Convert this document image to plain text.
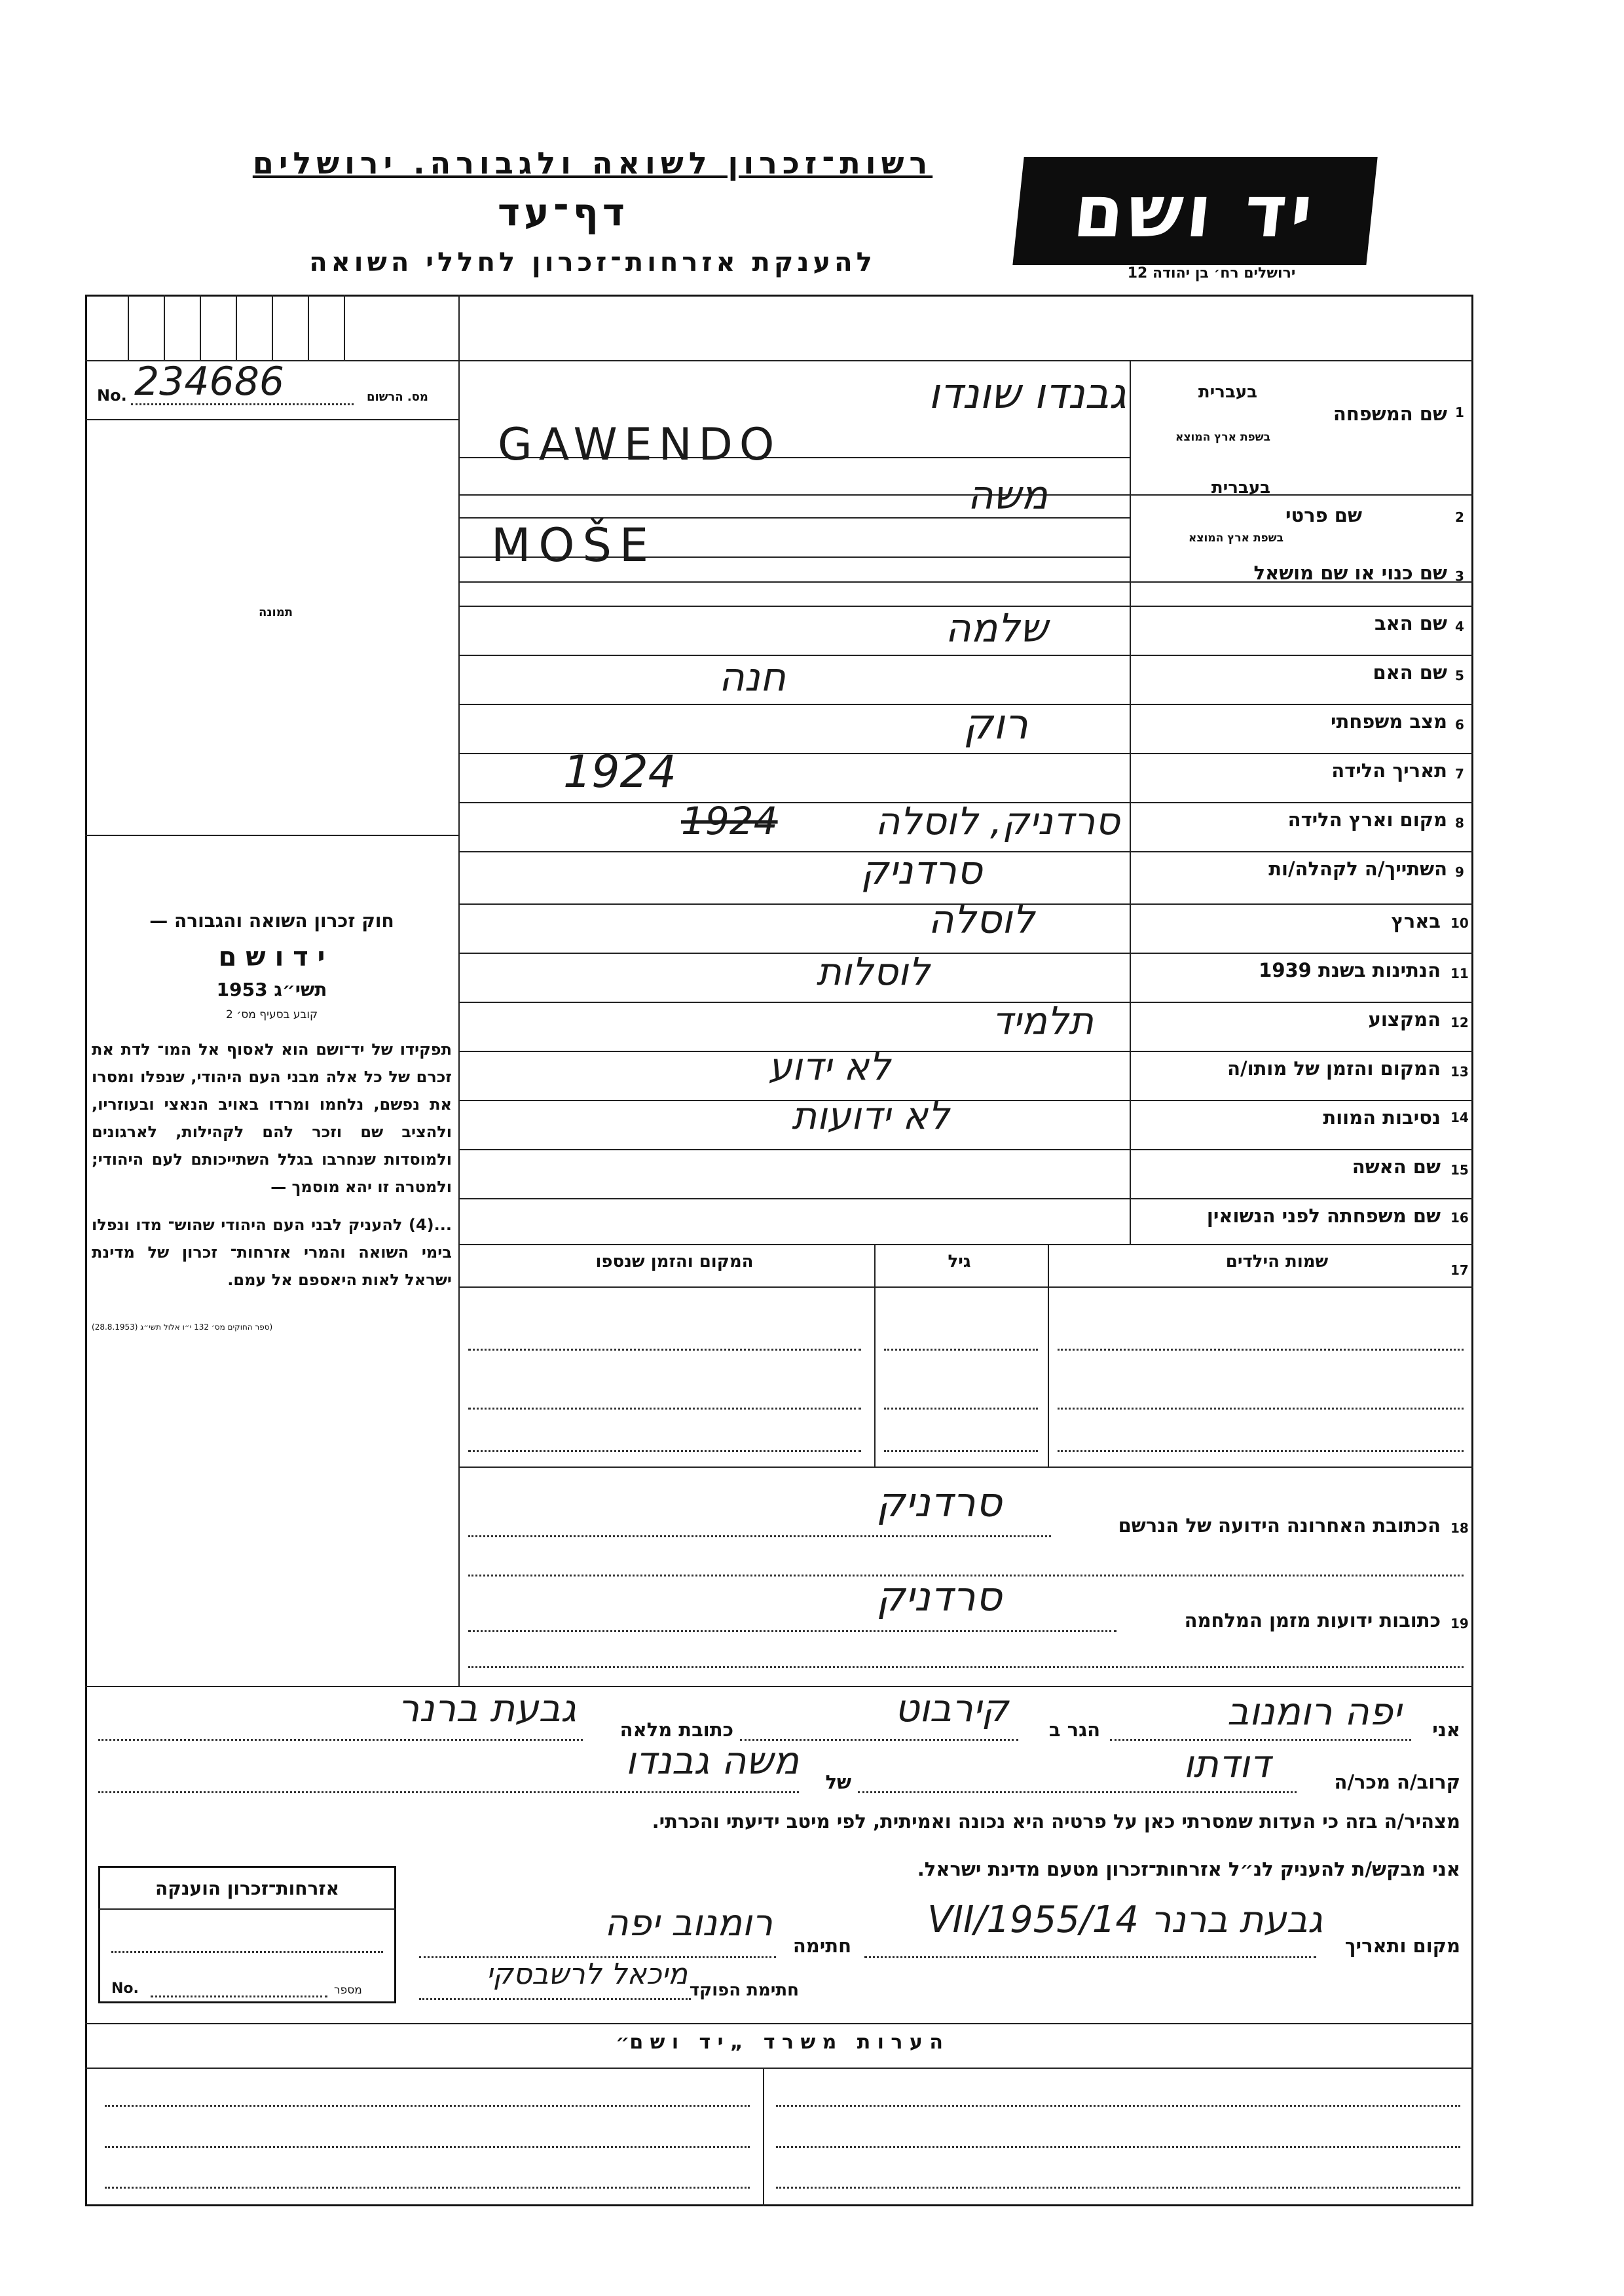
רשות־זכרון לשואה ולגבורה. ירושלים
דף־עד
להענקת אזרחות־זכרון לחללי השואה
יד ושם
ירושלים רח׳ בן יהודה 12
No. 234686	מס. הרשום
תמונה

חוק זכרון השואה והגבורה —

י ד ו ש ם

תשי״ג 1953

קובע בסעיף מס׳ 2

תפקידו של יד־ושם הוא לאסוף אל המו־ לדת את זכרם של כל אלה מבני העם היהודי, שנפלו ומסרו את נפשם, נלחמו ומרדו באויב הנאצי ובעוזריו, ולהציב שם וזכר להם לקהילות, לארגונים ולמוסדות שנחרבו בגלל השתייכותם לעם היהודי; ולמטרה זו יהא מוסמך —

...(4) להעניק לבני העם היהודי שהוש־ מדו ונפלו בימי השואה והמרי אזרחות־ זכרון של מדינת ישראל לאות היאספם אל עמם.

(ספר החוקים מס׳ 132 י״ו אלול תשי״ג (28.8.1953)

1
שם המשפחה
בעברית
בשפת ארץ המוצא
גבנדו שונדו
GAWENDO
2
שם פרטי
בעברית
בשפת ארץ המוצא
משה
MOŠE
3
שם כנוי או שם מושאל
4
שם האב
שלמה
5
שם האם
חנה
6
מצב משפחתי
רוק
7
תאריך הלידה
1924
8
מקום וארץ הלידה
1924	סרדניק, לוסלה
9
השתייך/ה לקהלה/ות
סרדניק
10
בארץ
לוסלה
11
הנתינות בשנת 1939
לוסלות
12
המקצוע
תלמיד
13
המקום והזמן של מותו/ה
לא ידוע
14
נסיבות המוות
לא ידועות
15
שם האשה
16
שם משפחתה לפני הנשואין
17
שמות הילדים
גיל
המקום והזמן שנספו
18
הכתובת האחרונה הידועה של הנרשם
סרדניק
19
כתובות ידועות מזמן המלחמה
סרדניק
אני
יפה רומנוב
הגר ב
קירבוט
כתובת מלאה
גבעת ברנר
קרוב/ה מכר/ה
דודתו
של
משה גבנדו
מצהיר/ה בזה כי העדות שמסרתי כאן על פרטיה היא נכונה ואמיתית, לפי מיטב ידיעתי והכרתי.
אני מבקש/ת להעניק לנ״ל אזרחות־זכרון מטעם מדינת ישראל.
אזרחות־זכרון הוענקה
No.	מספר
מקום ותאריך
גבעת ברנר 14/VII/1955
חתימה
רומנוב יפה
חתימת הפוקד
מיכאל לרשבסקי
ה ע ר ו ת   מ ש ר ד   „ י ד   ו ש ם״
